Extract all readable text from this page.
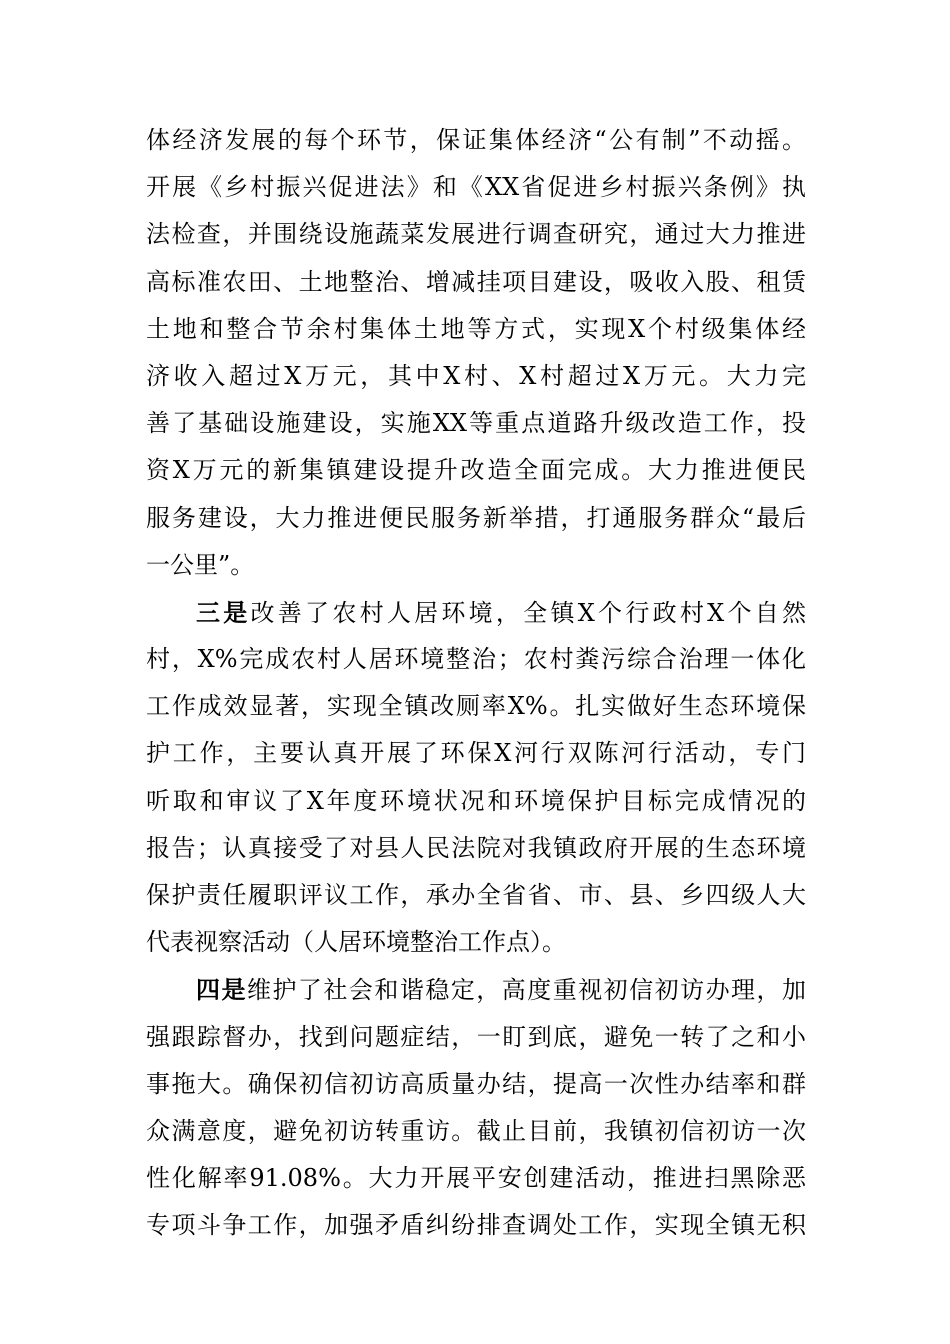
体经济发展的每个环节，保证集体经济“公有制”不动摇。
开展《乡村振兴促进法》和《XX省促进乡村振兴条例》执
法检查，并围绕设施蔬菜发展进行调查研究，通过大力推进
高标准农田、土地整治、增减挂项目建设，吸收入股、租赁
土地和整合节余村集体土地等方式，实现X个村级集体经
济收入超过X万元，其中X村、X村超过X万元。大力完
善了基础设施建设，实施XX等重点道路升级改造工作，投
资X万元的新集镇建设提升改造全面完成。大力推进便民
服务建设，大力推进便民服务新举措，打通服务群众“最后
一公里”。
三是改善了农村人居环境，全镇X个行政村X个自然
村，X%完成农村人居环境整治；农村粪污综合治理一体化
工作成效显著，实现全镇改厕率X%。扎实做好生态环境保
护工作，主要认真开展了环保X河行双陈河行活动，专门
听取和审议了X年度环境状况和环境保护目标完成情况的
报告；认真接受了对县人民法院对我镇政府开展的生态环境
保护责任履职评议工作，承办全省省、市、县、乡四级人大
代表视察活动（人居环境整治工作点）。
四是维护了社会和谐稳定，高度重视初信初访办理，加
强跟踪督办，找到问题症结，一盯到底，避免一转了之和小
事拖大。确保初信初访高质量办结，提高一次性办结率和群
众满意度，避免初访转重访。截止目前，我镇初信初访一次
性化解率91.08%。大力开展平安创建活动，推进扫黑除恶
专项斗争工作，加强矛盾纠纷排查调处工作，实现全镇无积
